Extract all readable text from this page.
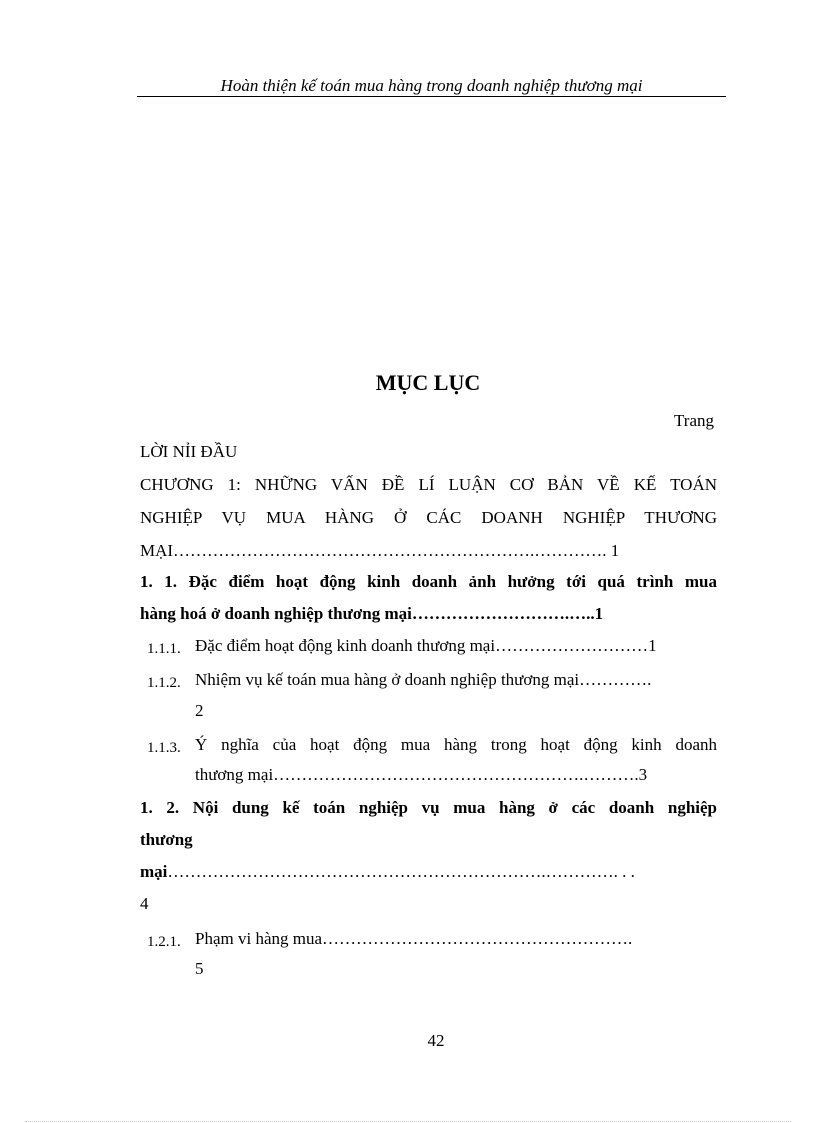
Hoàn thiện kế toán mua hàng trong doanh nghiệp thương mại
MỤC LỤC
Trang
LỜI NỈI ĐẦU
CHƯƠNG 1: NHỮNG VẤN ĐỀ LÍ LUẬN CƠ BẢN VỀ KẾ TOÁN
NGHIỆP VỤ MUA HÀNG Ở CÁC DOANH NGHIỆP THƯƠNG
MẠI……………………………………………………….…………. 1
1. 1. Đặc điểm hoạt động kinh doanh ảnh hưởng tới quá trình mua
hàng hoá ở doanh nghiệp thương mại……………………….…..1
1.1.1. Đặc điểm hoạt động kinh doanh thương mại………………………1
1.1.2. Nhiệm vụ kế toán mua hàng ở doanh nghiệp thương mại………….
2
1.1.3. Ý nghĩa của hoạt động mua hàng trong hoạt động kinh doanh
thương mại……………………………………………….……….3
1. 2. Nội dung kế toán nghiệp vụ mua hàng ở các doanh nghiệp
thương
mại………………………………………………………….…………. . .
4
1.2.1. Phạm vi hàng mua……………………………………………….
5
42
